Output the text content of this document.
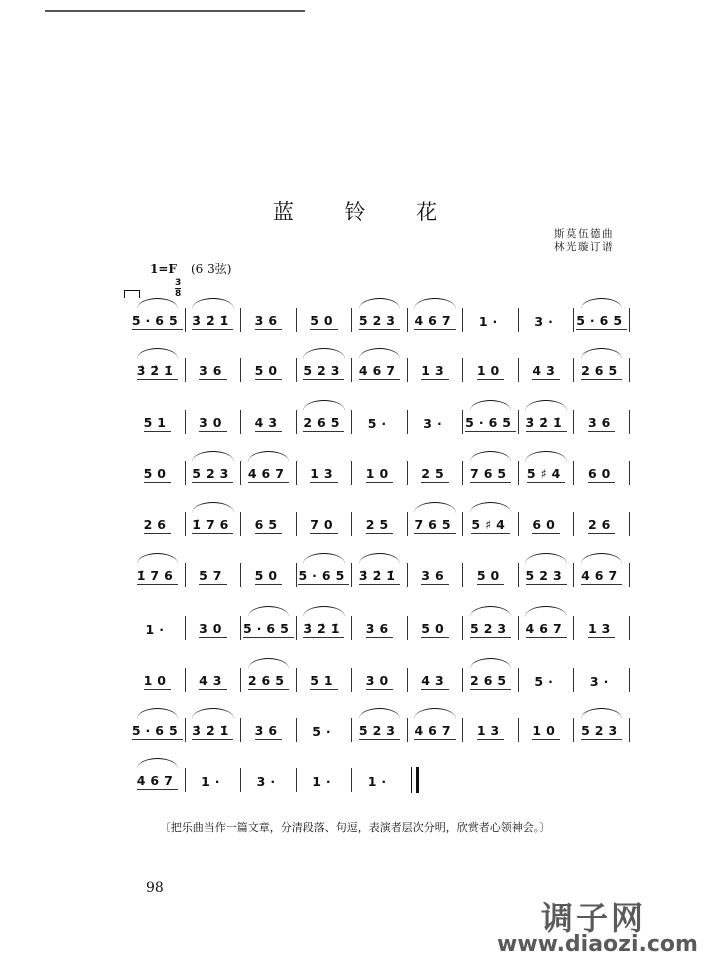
蓝 铃 花
斯莫伍德曲
林光璇订谱
1=F (6 3弦)
$\frac{3}{8}$
5·65 3̇2̇1̇ 36 50 523 467 1·	3· 5·65
3̇2̇1̇ 36 50 523 467 13 10 43 265
51 30 43 265 5·	3· 5·65 3̇2̇1̇ 36
50 523 467 13 10 25 765 5♯4 60
26 1̇76 65 70 25 765 5♯4 60 26
1̇76 57 50 5·65 3̇2̇1̇ 36 50 523 467
1· 30 5·65 3̇2̇1̇ 36 50 523 467 13
10 43 265 51 30 43 265 5·	3·
5·65 3̇2̇1̇ 36 5· 523 467 13 10 523
467 1·	3·	1·	1·
〔把乐曲当作一篇文章，分清段落、句逗，表演者层次分明，欣赏者心领神会。〕
98
调子网
www.diaozi.com
